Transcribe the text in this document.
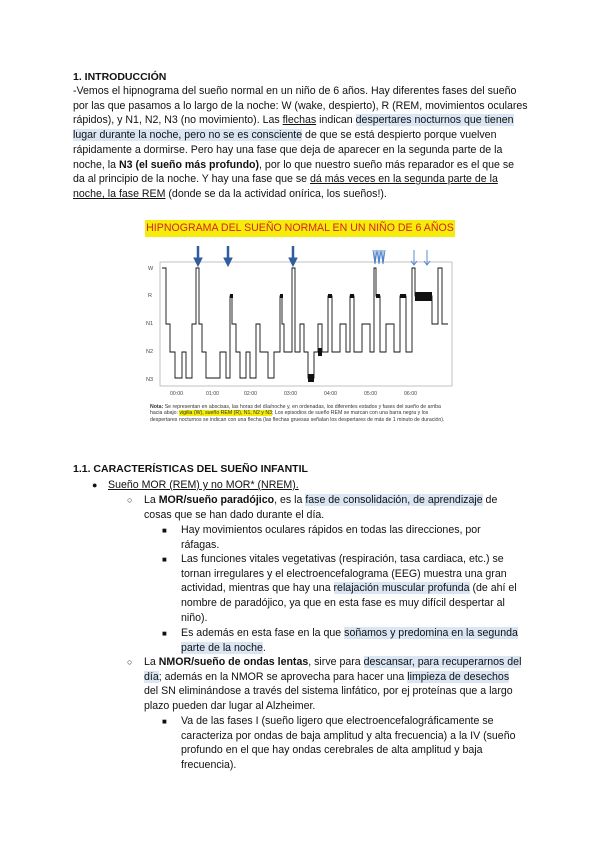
1. INTRODUCCIÓN
-Vemos el hipnograma del sueño normal en un niño de 6 años. Hay diferentes fases del sueño por las que pasamos a lo largo de la noche: W (wake, despierto), R (REM, movimientos oculares rápidos), y N1, N2, N3 (no movimiento). Las flechas indican despertares nocturnos que tienen lugar durante la noche, pero no se es consciente de que se está despierto porque vuelven rápidamente a dormirse. Pero hay una fase que deja de aparecer en la segunda parte de la noche, la N3 (el sueño más profundo), por lo que nuestro sueño más reparador es el que se da al principio de la noche. Y hay una fase que se dá más veces en la segunda parte de la noche, la fase REM (donde se da la actividad onírica, los sueños!).
HIPNOGRAMA DEL SUEÑO NORMAL EN UN NIÑO DE 6 AÑOS
W
R
N1
N2
N3
00:00	01:00	02:00	03:00	04:00	05:00	06:00
Nota: Se representan en abscisas, las horas del día/noche y, en ordenadas, los diferentes estados y fases del sueño de arriba hacia abajo: vigilia (W), sueño REM (R), N1, N2 y N3; Los episodios de sueño REM se marcan con una barra negra y los despertares nocturnos se indican con una flecha (las flechas gruesas señalan los despertares de más de 1 minuto de duración).
1.1. CARACTERÍSTICAS DEL SUEÑO INFANTIL
● Sueño MOR (REM) y no MOR* (NREM).
○ La MOR/sueño paradójico, es la fase de consolidación, de aprendizaje de cosas que se han dado durante el día.
■ Hay movimientos oculares rápidos en todas las direcciones, por ráfagas.
■ Las funciones vitales vegetativas (respiración, tasa cardiaca, etc.) se tornan irregulares y el electroencefalograma (EEG) muestra una gran actividad, mientras que hay una relajación muscular profunda (de ahí el nombre de paradójico, ya que en esta fase es muy difícil despertar al niño).
■ Es además en esta fase en la que soñamos y predomina en la segunda parte de la noche.
○ La NMOR/sueño de ondas lentas, sirve para descansar, para recuperarnos del día; además en la NMOR se aprovecha para hacer una limpieza de desechos del SN eliminándose a través del sistema linfático, por ej proteínas que a largo plazo pueden dar lugar al Alzheimer.
■ Va de las fases I (sueño ligero que electroencefalográficamente se caracteriza por ondas de baja amplitud y alta frecuencia) a la IV (sueño profundo en el que hay ondas cerebrales de alta amplitud y baja frecuencia).
